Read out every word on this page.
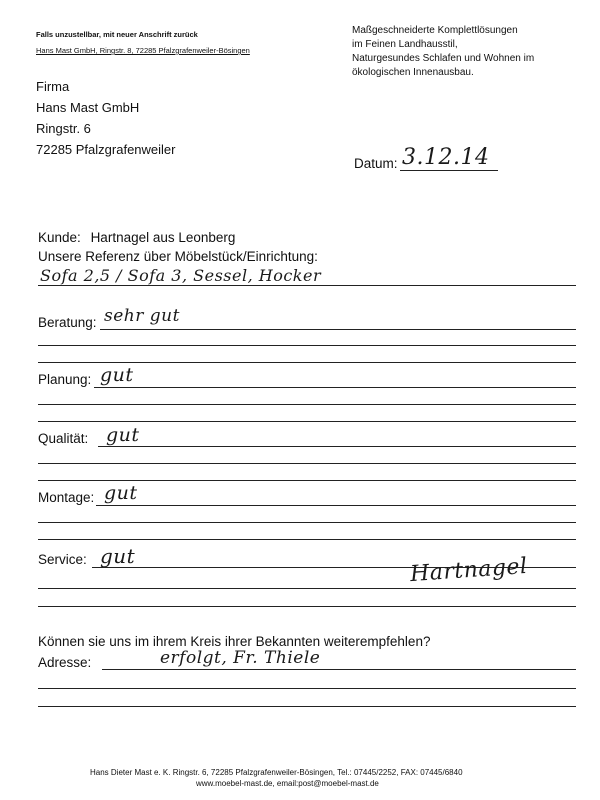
Falls unzustellbar, mit neuer Anschrift zurück
Hans Mast GmbH, Ringstr. 8, 72285 Pfalzgrafenweiler-Bösingen
Maßgeschneiderte Komplettlösungen
im Feinen Landhausstil,
Naturgesundes Schlafen und Wohnen im
ökologischen Innenausbau.
Firma
Hans Mast GmbH
Ringstr. 6
72285 Pfalzgrafenweiler
Datum: 3.12.14
Kunde: Hartnagel aus Leonberg
Unsere Referenz über Möbelstück/Einrichtung:
Sofa 2,5 / Sofa 3, Sessel, Hocker
Beratung: sehr gut
Planung: gut
Qualität: gut
Montage: gut
Service: gut	Hartnagel
Können sie uns im ihrem Kreis ihrer Bekannten weiterempfehlen?
Adresse:	erfolgt, Fr. Thiele
Hans Dieter Mast e. K. Ringstr. 6, 72285 Pfalzgrafenweiler-Bösingen, Tel.: 07445/2252, FAX: 07445/6840
www.moebel-mast.de, email:post@moebel-mast.de
